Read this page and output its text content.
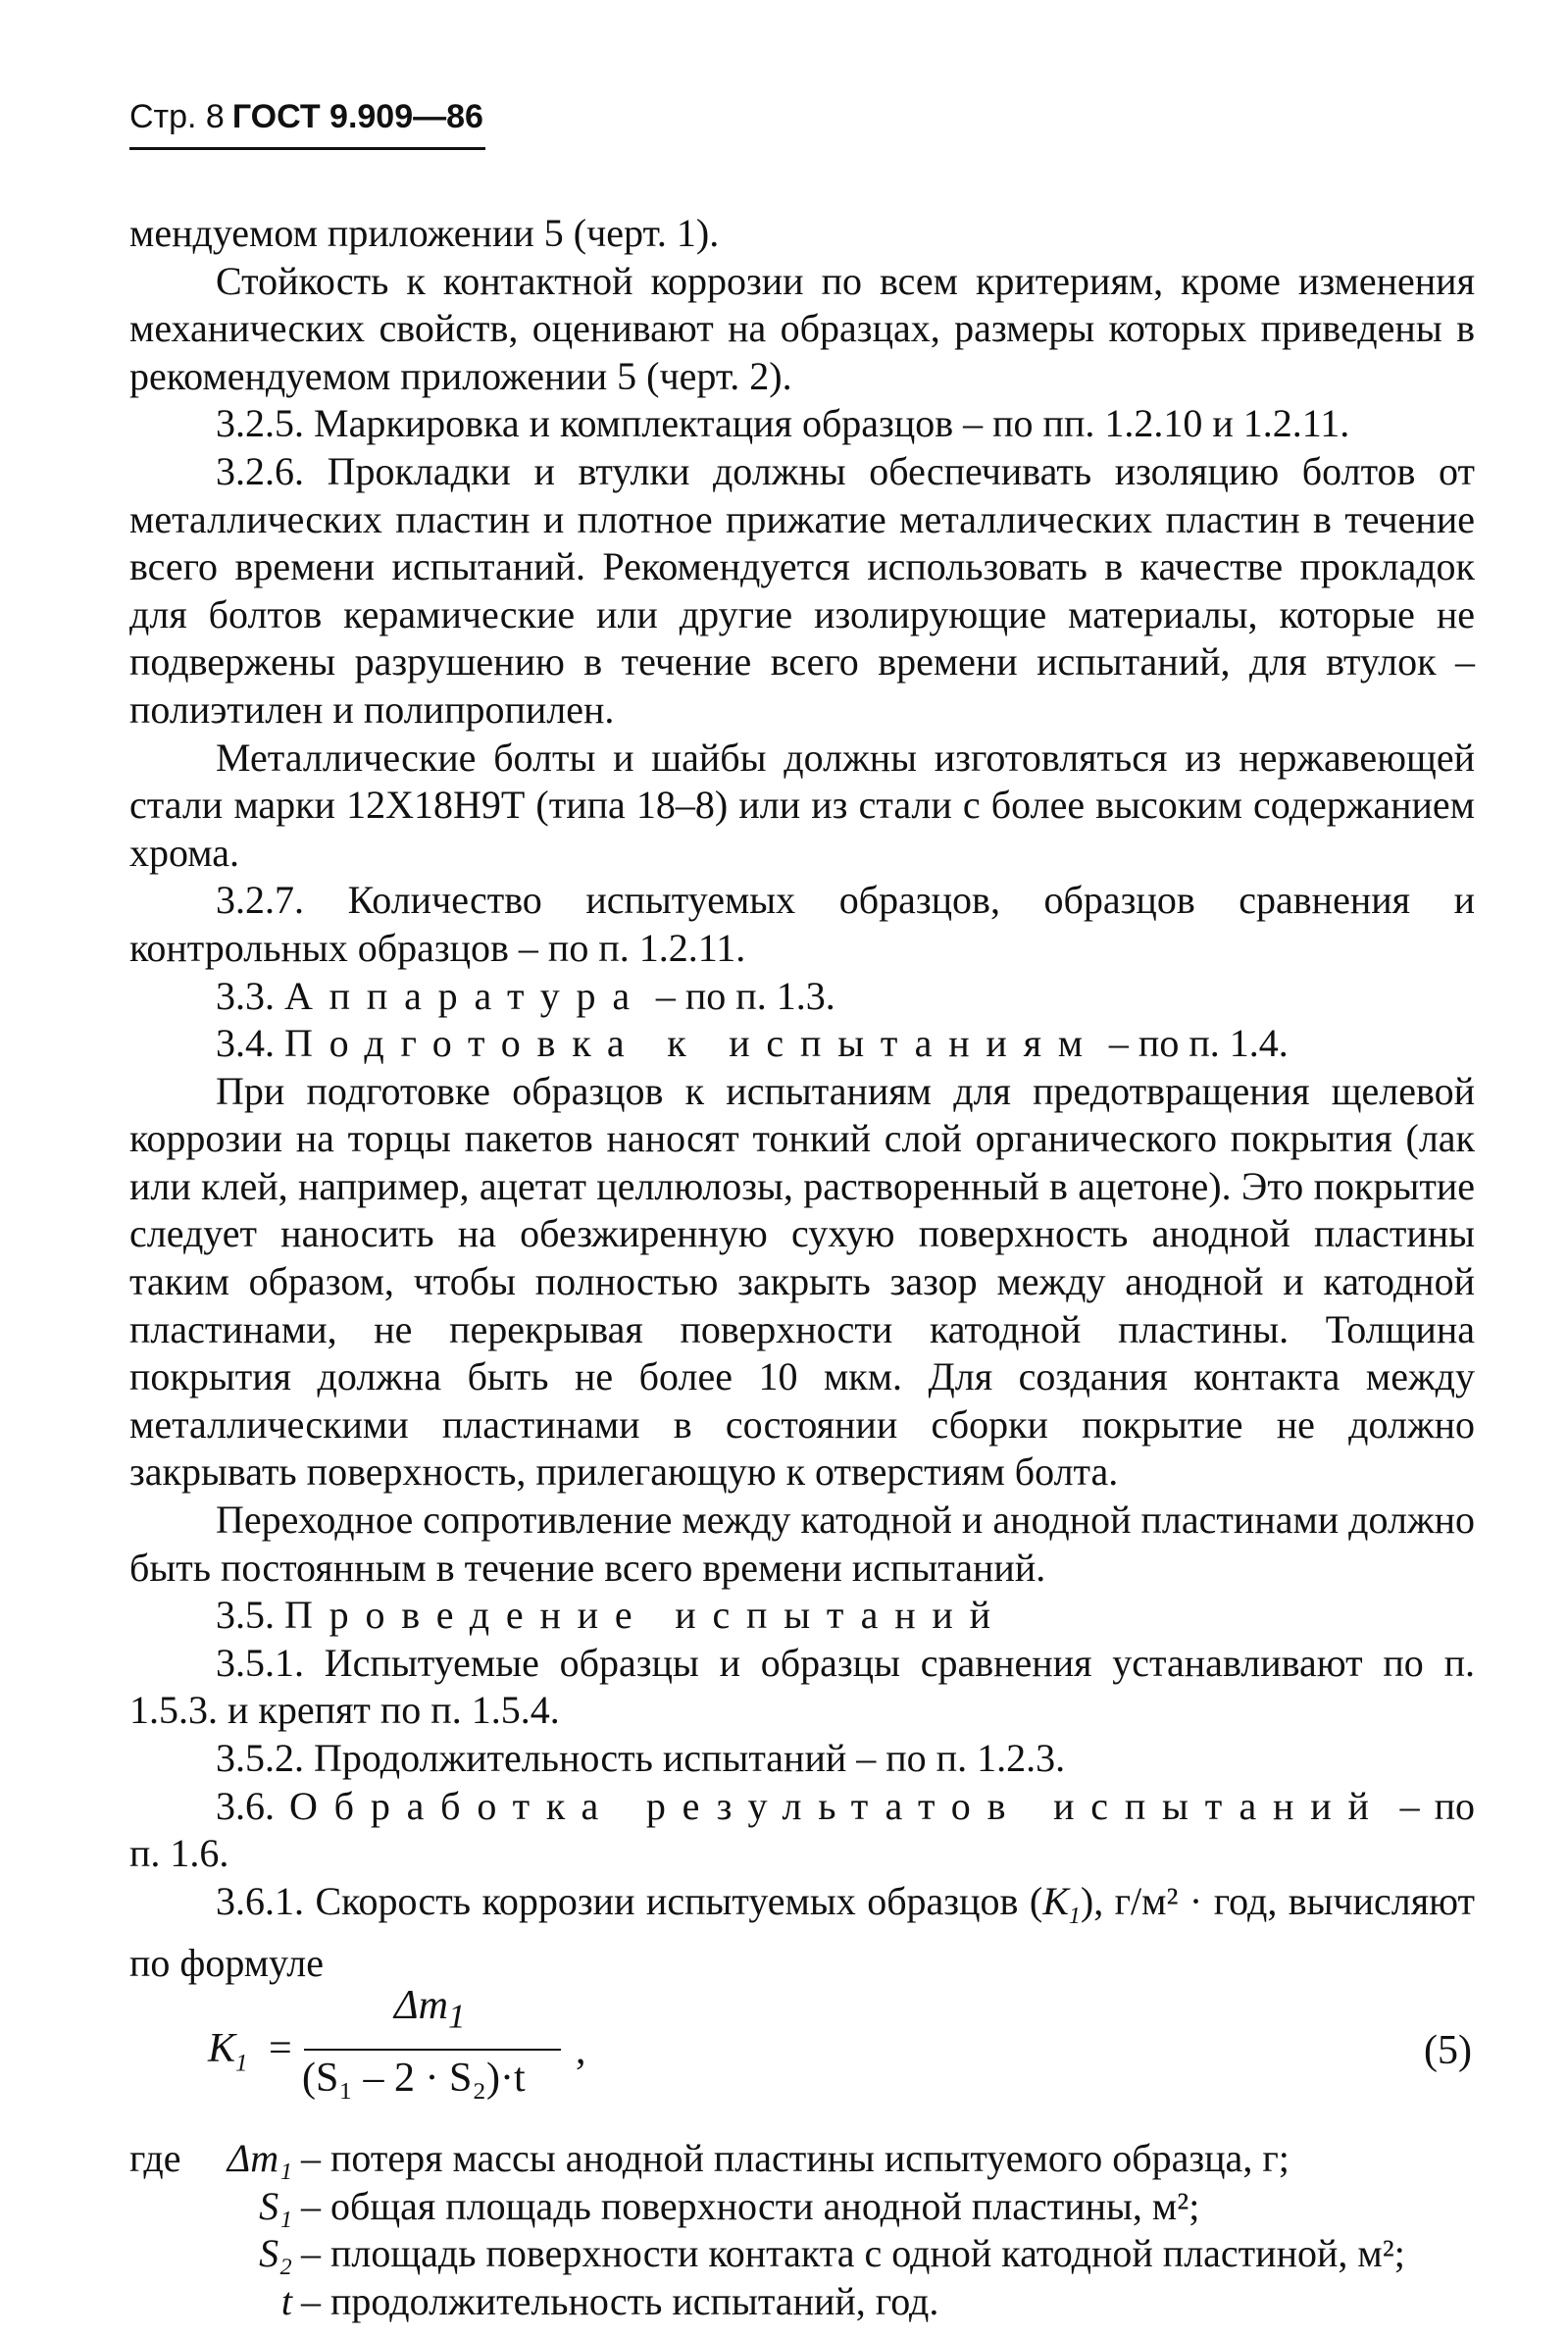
Стр. 8 ГОСТ 9.909—86

мендуемом приложении 5 (черт. 1).

Стойкость к контактной коррозии по всем критериям, кроме изменения механических свойств, оценивают на образцах, размеры которых приведены в рекомендуемом приложении 5 (черт. 2).

3.2.5. Маркировка и комплектация образцов – по пп. 1.2.10 и 1.2.11.

3.2.6. Прокладки и втулки должны обеспечивать изоляцию болтов от металлических пластин и плотное прижатие металлических пластин в течение всего времени испытаний. Рекомендуется использовать в качестве прокладок для болтов керамические или другие изолирующие материалы, которые не подвержены разрушению в течение всего времени испытаний, для втулок – полиэтилен и полипропилен.

Металлические болты и шайбы должны изготовляться из нержавеющей стали марки 12Х18Н9Т (типа 18–8) или из стали с более высоким содержанием хрома.

3.2.7. Количество испытуемых образцов, образцов сравнения и контрольных образцов – по п. 1.2.11.

3.3. Аппаратура – по п. 1.3.

3.4. Подготовка к испытаниям – по п. 1.4.

При подготовке образцов к испытаниям для предотвращения щелевой коррозии на торцы пакетов наносят тонкий слой органического покрытия (лак или клей, например, ацетат целлюлозы, растворенный в ацетоне). Это покрытие следует наносить на обезжиренную сухую поверхность анодной пластины таким образом, чтобы полностью закрыть зазор между анодной и катодной пластинами, не перекрывая поверхности катодной пластины. Толщина покрытия должна быть не более 10 мкм. Для создания контакта между металлическими пластинами в состоянии сборки покрытие не должно закрывать поверхность, прилегающую к отверстиям болта.

Переходное сопротивление между катодной и анодной пластинами должно быть постоянным в течение всего времени испытаний.

3.5. Проведение испытаний

3.5.1. Испытуемые образцы и образцы сравнения устанавливают по п. 1.5.3. и крепят по п. 1.5.4.

3.5.2. Продолжительность испытаний – по п. 1.2.3.

3.6. Обработка результатов испытаний – по п. 1.6.

3.6.1. Скорость коррозии испытуемых образцов $(K_1)$, г/м² · год, вычисляют по формуле

$K_1$ =
$\Delta m_1$
(S₁ – 2 · S₂)·t
,	(5)
где	Δm₁ – потеря массы анодной пластины испытуемого образца, г;
S₁ – общая площадь поверхности анодной пластины, м²;
S₂ – площадь поверхности контакта с одной катодной пластиной, м²;
t – продолжительность испытаний, год.
